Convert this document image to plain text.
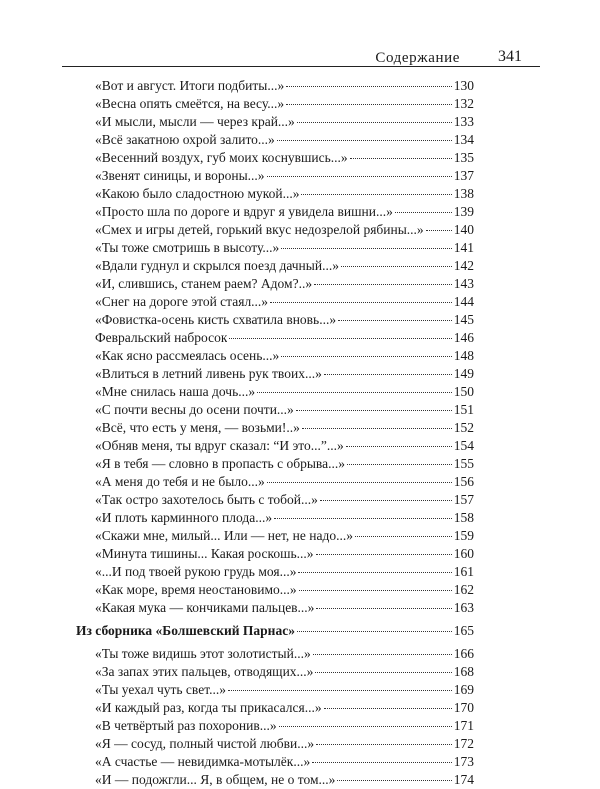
Содержание 341
«Вот и август. Итоги подбиты...»	130
«Весна опять смеётся, на весу...»	132
«И мысли, мысли — через край...»	133
«Всё закатною охрой залито...»	134
«Весенний воздух, губ моих коснувшись...»	135
«Звенят синицы, и вороны...»	137
«Какою было сладостною мукой...»	138
«Просто шла по дороге и вдруг я увидела вишни...»	139
«Смех и игры детей, горький вкус недозрелой рябины...» 140
«Ты тоже смотришь в высоту...»	141
«Вдали гуднул и скрылся поезд дачный...»	142
«И, слившись, станем раем? Адом?..»	143
«Снег на дороге этой стаял...»	144
«Фовистка-осень кисть схватила вновь...»	145
Февральский набросок	146
«Как ясно рассмеялась осень...»	148
«Влиться в летний ливень рук твоих...»	149
«Мне снилась наша дочь...»	150
«С почти весны до осени почти...»	151
«Всё, что есть у меня, — возьми!..»	152
«Обняв меня, ты вдруг сказал: “И это...”...»	154
«Я в тебя — словно в пропасть с обрыва...»	155
«А меня до тебя и не было...»	156
«Так остро захотелось быть с тобой...»	157
«И плоть карминного плода...»	158
«Скажи мне, милый... Или — нет, не надо...»	159
«Минута тишины... Какая роскошь...»	160
«...И под твоей рукою грудь моя...»	161
«Как море, время неостановимо...»	162
«Какая мука — кончиками пальцев...»	163
Из сборника «Болшевский Парнас»	165
«Ты тоже видишь этот золотистый...»	166
«За запах этих пальцев, отводящих...»	168
«Ты уехал чуть свет...»	169
«И каждый раз, когда ты прикасался...»	170
«В четвёртый раз похоронив...»	171
«Я — сосуд, полный чистой любви...»	172
«А счастье — невидимка-мотылёк...»	173
«И — подожгли... Я, в общем, не о том...»	174
